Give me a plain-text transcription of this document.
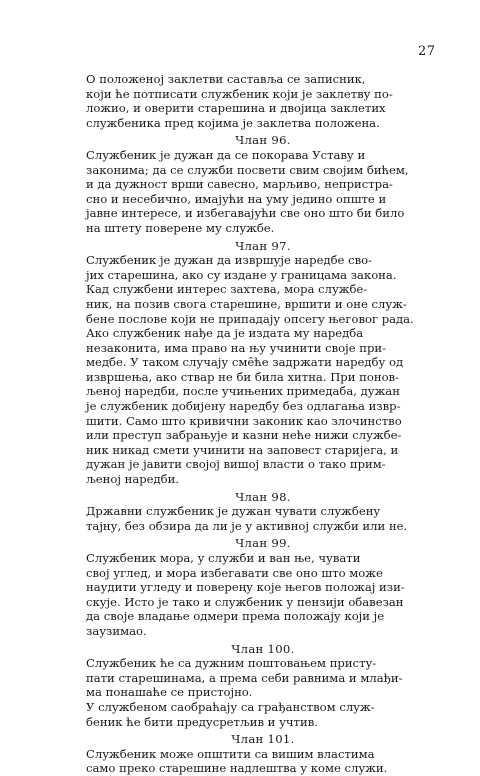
27
О положеној заклетви саставља се записник,
који ће потписати службеник који је заклетву по-
ложио, и оверити старешина и двојица заклетих
службеника пред којима је заклетва положена.
Члан 96.
Службеник је дужан да се покорава Уставу и
законима; да се служби посвети свим својим бићем,
и да дужност врши савесно, марљиво, непристра-
сно и несебично, имајући на уму једино опште и
јавне интересе, и избегавајући све оно што би било
на штету поверене му службе.
Члан 97.
Службеник је дужан да извршује наредбе сво-
јих старешина, ако су издане у границама закона.
Кад службени интерес захтева, мора службе-
ник, на позив свога старешине, вршити и оне служ-
бене послове који не припадају опсегу његовог рада.
Ако службеник нађе да је издата му наредба
незаконита, има право на њу учинити своје при-
медбе. У таком случају сме̂ће задржати наредбу од
извршења, ако ствар не би била хитна. При понов-
љеној наредби, после учињених примедаба, дужан
је службеник добијену наредбу без одлагања извр-
шити. Само што кривични законик као злочинство
или преступ забрањује и казни неће нижи службе-
ник никад смети учинити на заповест старијега, и
дужан је јавити својој вишој власти о тако прим-
љеној наредби.
Члан 98.
Државни службеник је дужан чувати службену
тајну, без обзира да ли је у активној служби или не.
Члан 99.
Службеник мора, у служби и ван ње, чувати
свој углед, и мора избегавати све оно што може
наудити угледу и повереңу које његов положај изи-
скује. Исто је тако и службеник у пензији обавезан
да своје владање одмери према положају који је
заузимао.
Члан 100.
Службеник ће са дужним поштовањем присту-
пати старешинама, а према себи равнима и млађи-
ма понашаће се пристојно.
У службеном саобраћају са грађанством служ-
беник ће бити предусретљив и учтив.
Члан 101.
Службеник може општити са вишим властима
само преко старешине надлештва у коме служи.
